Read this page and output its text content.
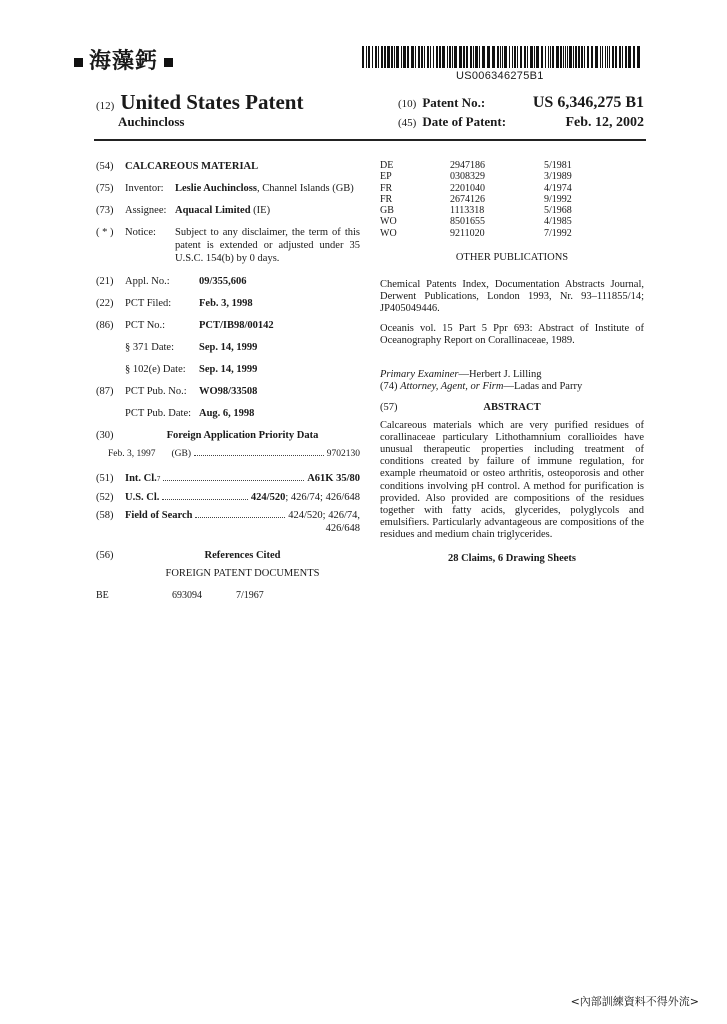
海藻鈣
US006346275B1
(12) United States Patent
Auchincloss
(10) Patent No.:	US 6,346,275 B1
(45) Date of Patent:	Feb. 12, 2002
(54)	CALCAREOUS MATERIAL
(75)	Inventor:	Leslie Auchincloss, Channel Islands (GB)
(73)	Assignee: Aquacal Limited (IE)
( * )	Notice:	Subject to any disclaimer, the term of this patent is extended or adjusted under 35 U.S.C. 154(b) by 0 days.
(21)	Appl. No.:	09/355,606
(22)	PCT Filed:	Feb. 3, 1998
(86)	PCT No.:	PCT/IB98/00142
§ 371 Date:	Sep. 14, 1999
§ 102(e) Date:	Sep. 14, 1999
(87)	PCT Pub. No.:	WO98/33508
PCT Pub. Date: Aug. 6, 1998
(30)	Foreign Application Priority Data
Feb. 3, 1997 (GB)	9702130
(51)	Int. Cl. 7	A61K 35/80
(52)	U.S. Cl.	424/520; 426/74; 426/648
(58)	Field of Search	424/520; 426/74,
426/648
(56)	References Cited
FOREIGN PATENT DOCUMENTS
BE	693094	7/1967
DE	2947186	5/1981
EP	0308329	3/1989
FR	2201040	4/1974
FR	2674126	9/1992
GB	1113318	5/1968
WO	8501655	4/1985
WO	9211020	7/1992
OTHER PUBLICATIONS

Chemical Patents Index, Documentation Abstracts Journal, Derwent Publications, London 1993, Nr. 93–111855/14; JP405049446.

Oceanis vol. 15 Part 5 Ppr 693: Abstract of Institute of Oceanography Report on Corallinaceae, 1989.

Primary Examiner—Herbert J. Lilling
(74) Attorney, Agent, or Firm—Ladas and Parry
(57)	ABSTRACT

Calcareous materials which are very purified residues of corallinaceae particulary Lithothamnium corallioides have unusual therapeutic properties including treatment of conditions created by failure of immune regulation, for example rheumatoid or osteo arthritis, osteoporosis and other conditions involving pH control. A method for purification is provided. Also provided are compositions of the residues together with fatty acids, glycerides, polyglycols and emulsifiers. Particularly advantageous are compositions of the residues and medium chain triglycerides.

28 Claims, 6 Drawing Sheets
<內部訓練資料不得外流>
